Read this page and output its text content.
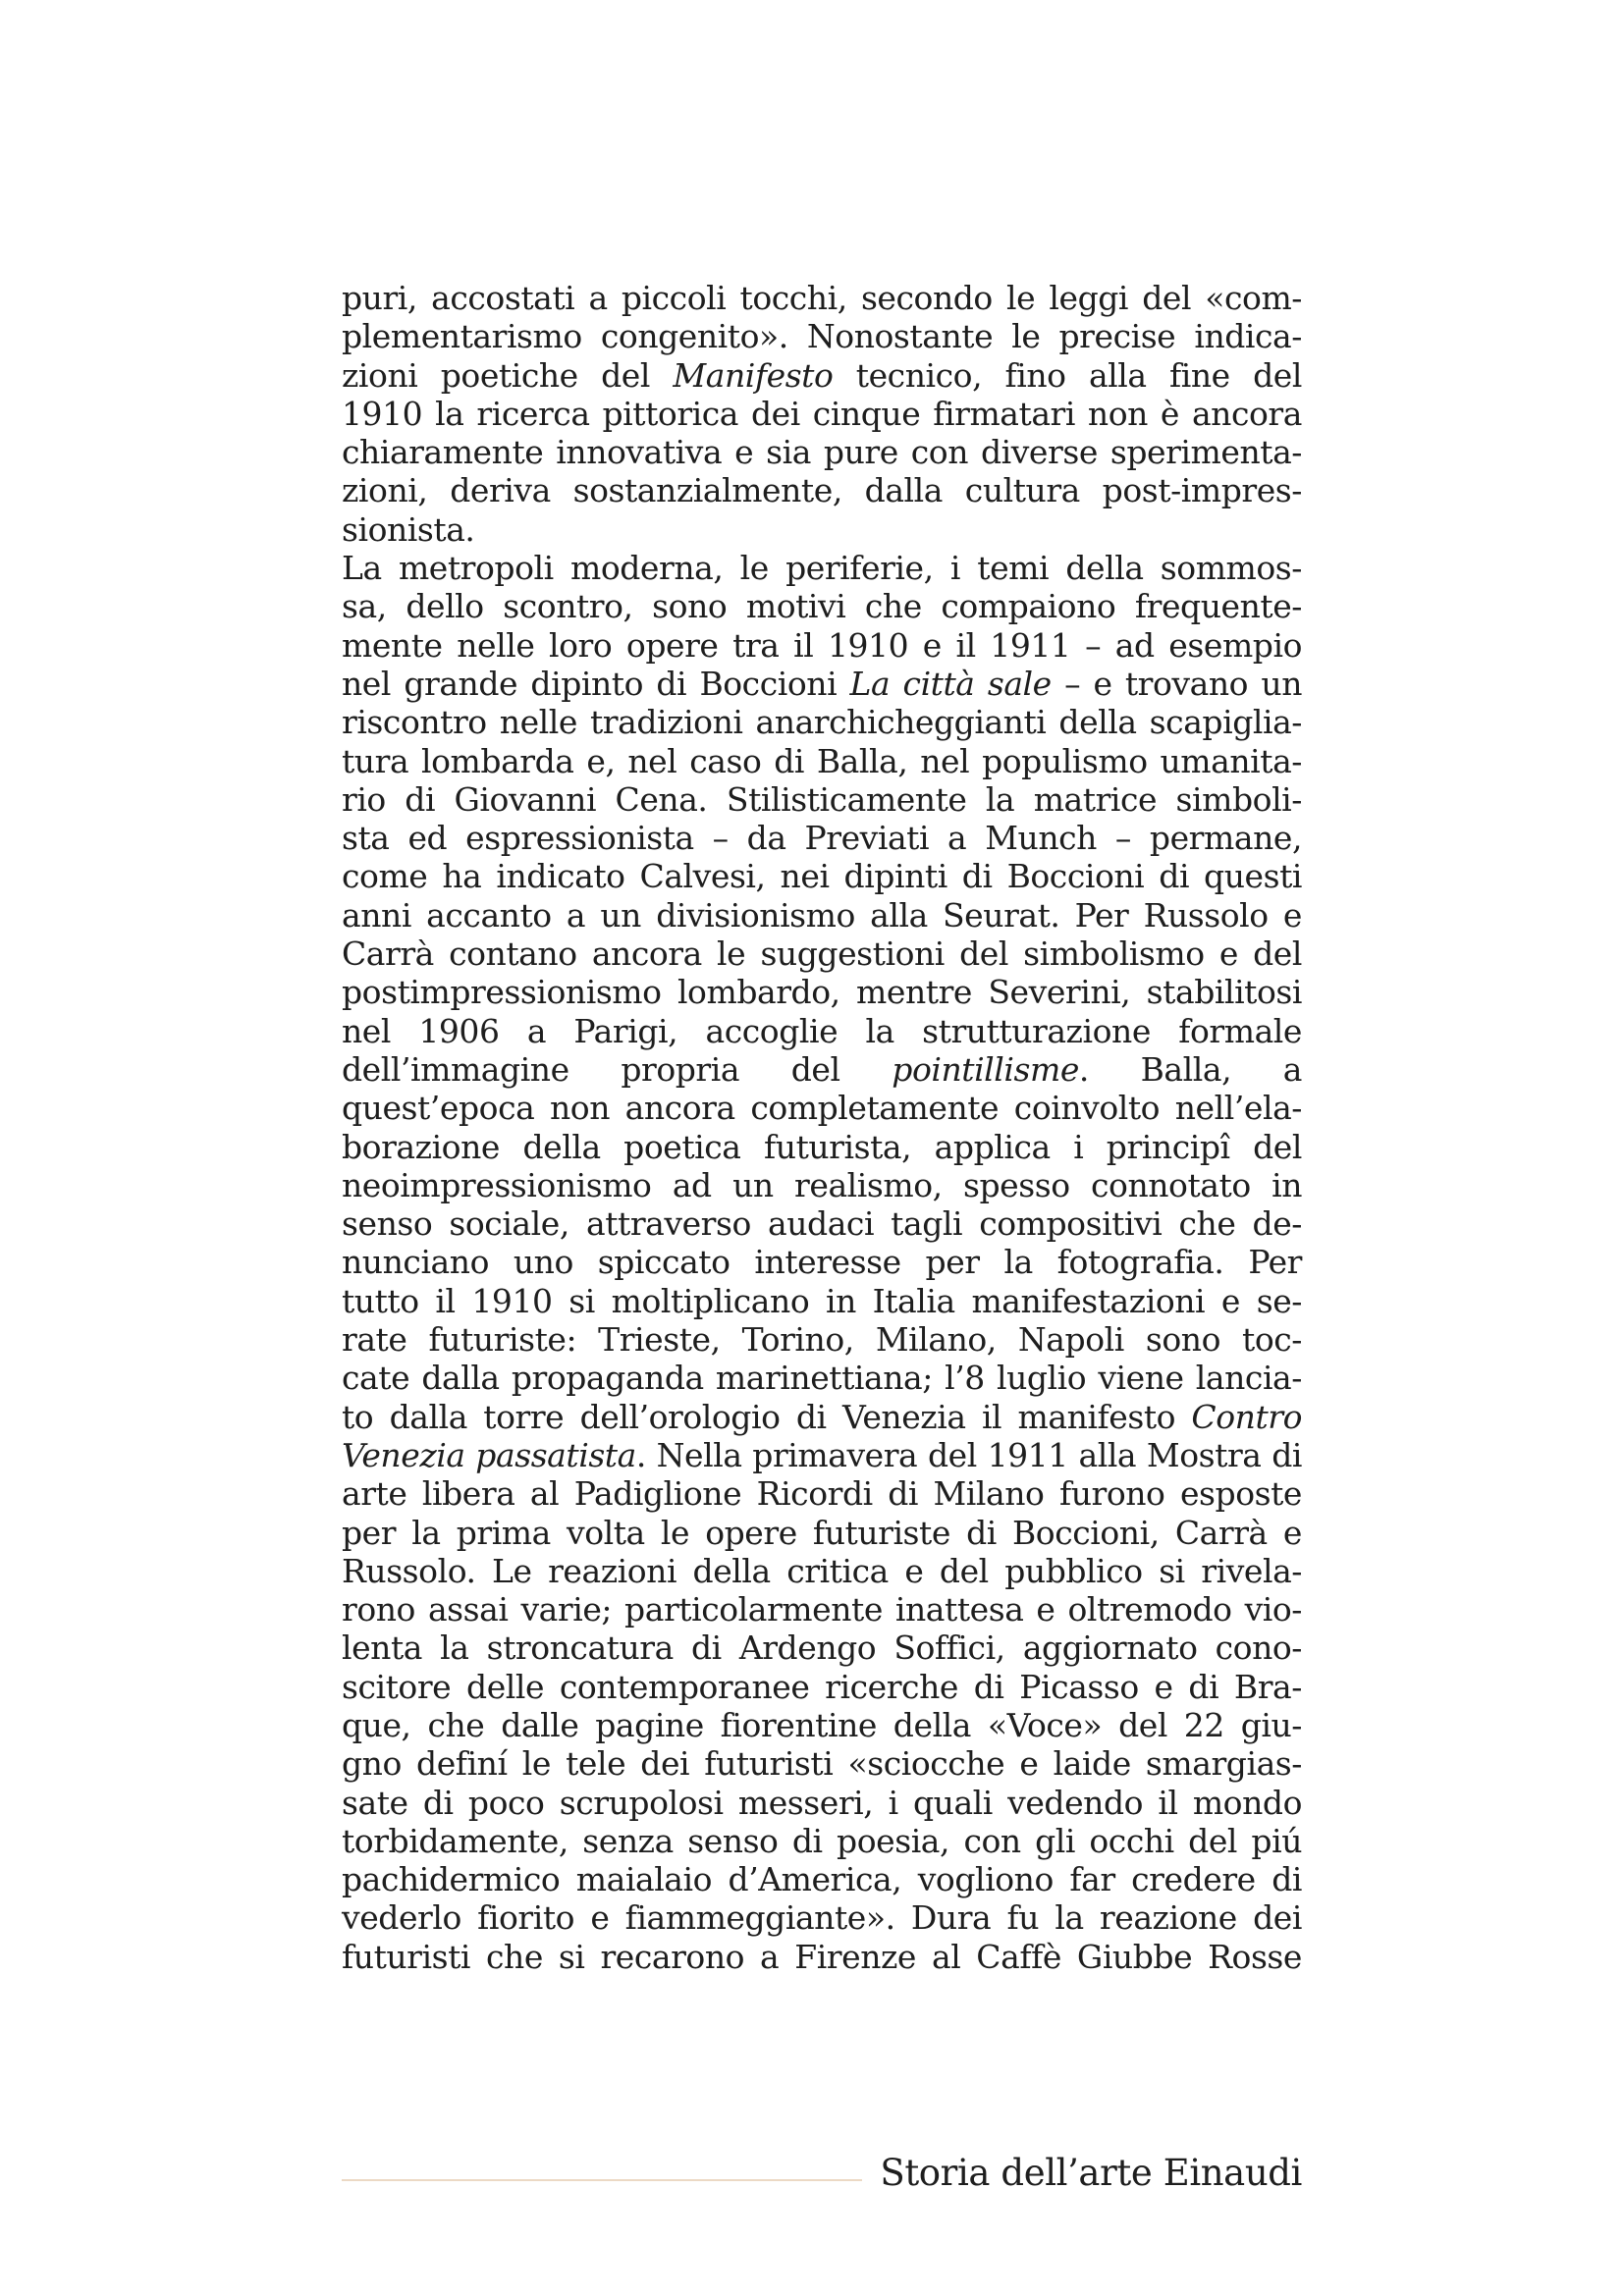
puri, accostati a piccoli tocchi, secondo le leggi del «com-
plementarismo congenito». Nonostante le precise indica-
zioni poetiche del Manifesto tecnico, fino alla fine del
1910 la ricerca pittorica dei cinque firmatari non è ancora
chiaramente innovativa e sia pure con diverse sperimenta-
zioni, deriva sostanzialmente, dalla cultura post-impres-
sionista.
La metropoli moderna, le periferie, i temi della sommos-
sa, dello scontro, sono motivi che compaiono frequente-
mente nelle loro opere tra il 1910 e il 1911 – ad esempio
nel grande dipinto di Boccioni La città sale – e trovano un
riscontro nelle tradizioni anarchicheggianti della scapiglia-
tura lombarda e, nel caso di Balla, nel populismo umanita-
rio di Giovanni Cena. Stilisticamente la matrice simboli-
sta ed espressionista – da Previati a Munch – permane,
come ha indicato Calvesi, nei dipinti di Boccioni di questi
anni accanto a un divisionismo alla Seurat. Per Russolo e
Carrà contano ancora le suggestioni del simbolismo e del
postimpressionismo lombardo, mentre Severini, stabilitosi
nel 1906 a Parigi, accoglie la strutturazione formale
dell’immagine propria del pointillisme. Balla, a
quest’epoca non ancora completamente coinvolto nell’ela-
borazione della poetica futurista, applica i principî del
neoimpressionismo ad un realismo, spesso connotato in
senso sociale, attraverso audaci tagli compositivi che de-
nunciano uno spiccato interesse per la fotografia. Per
tutto il 1910 si moltiplicano in Italia manifestazioni e se-
rate futuriste: Trieste, Torino, Milano, Napoli sono toc-
cate dalla propaganda marinettiana; l’8 luglio viene lancia-
to dalla torre dell’orologio di Venezia il manifesto Contro
Venezia passatista. Nella primavera del 1911 alla Mostra di
arte libera al Padiglione Ricordi di Milano furono esposte
per la prima volta le opere futuriste di Boccioni, Carrà e
Russolo. Le reazioni della critica e del pubblico si rivela-
rono assai varie; particolarmente inattesa e oltremodo vio-
lenta la stroncatura di Ardengo Soffici, aggiornato cono-
scitore delle contemporanee ricerche di Picasso e di Bra-
que, che dalle pagine fiorentine della «Voce» del 22 giu-
gno definí le tele dei futuristi «sciocche e laide smargias-
sate di poco scrupolosi messeri, i quali vedendo il mondo
torbidamente, senza senso di poesia, con gli occhi del piú
pachidermico maialaio d’America, vogliono far credere di
vederlo fiorito e fiammeggiante». Dura fu la reazione dei
futuristi che si recarono a Firenze al Caffè Giubbe Rosse
Storia dell’arte Einaudi
